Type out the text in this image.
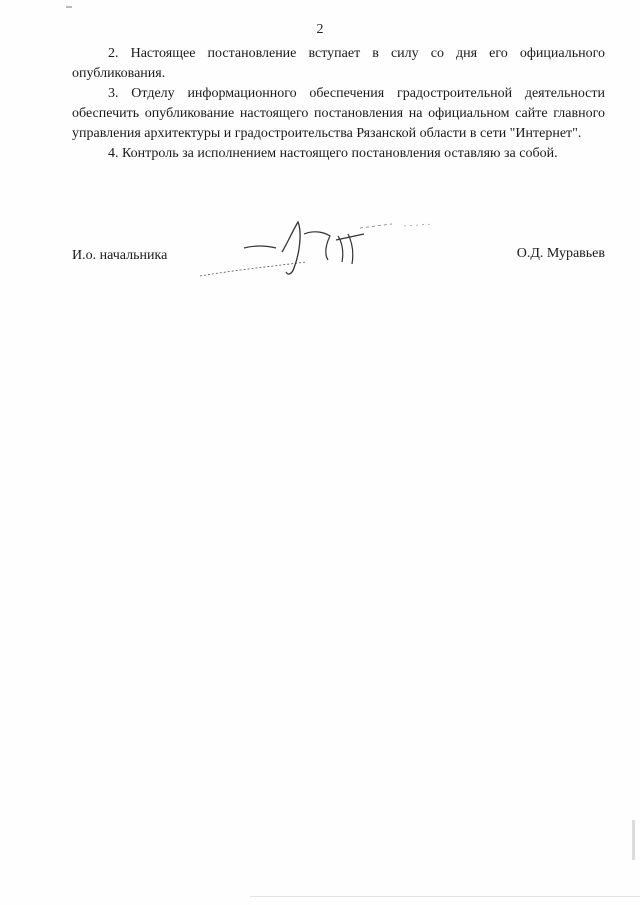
2

2. Настоящее постановление вступает в силу со дня его официального опубликования.

3. Отделу информационного обеспечения градостроительной деятельности обеспечить опубликование настоящего постановления на официальном сайте главного управления архитектуры и градостроительства Рязанской области в сети "Интернет".

4. Контроль за исполнением настоящего постановления оставляю за собой.

И.о. начальника	О.Д. Муравьев
